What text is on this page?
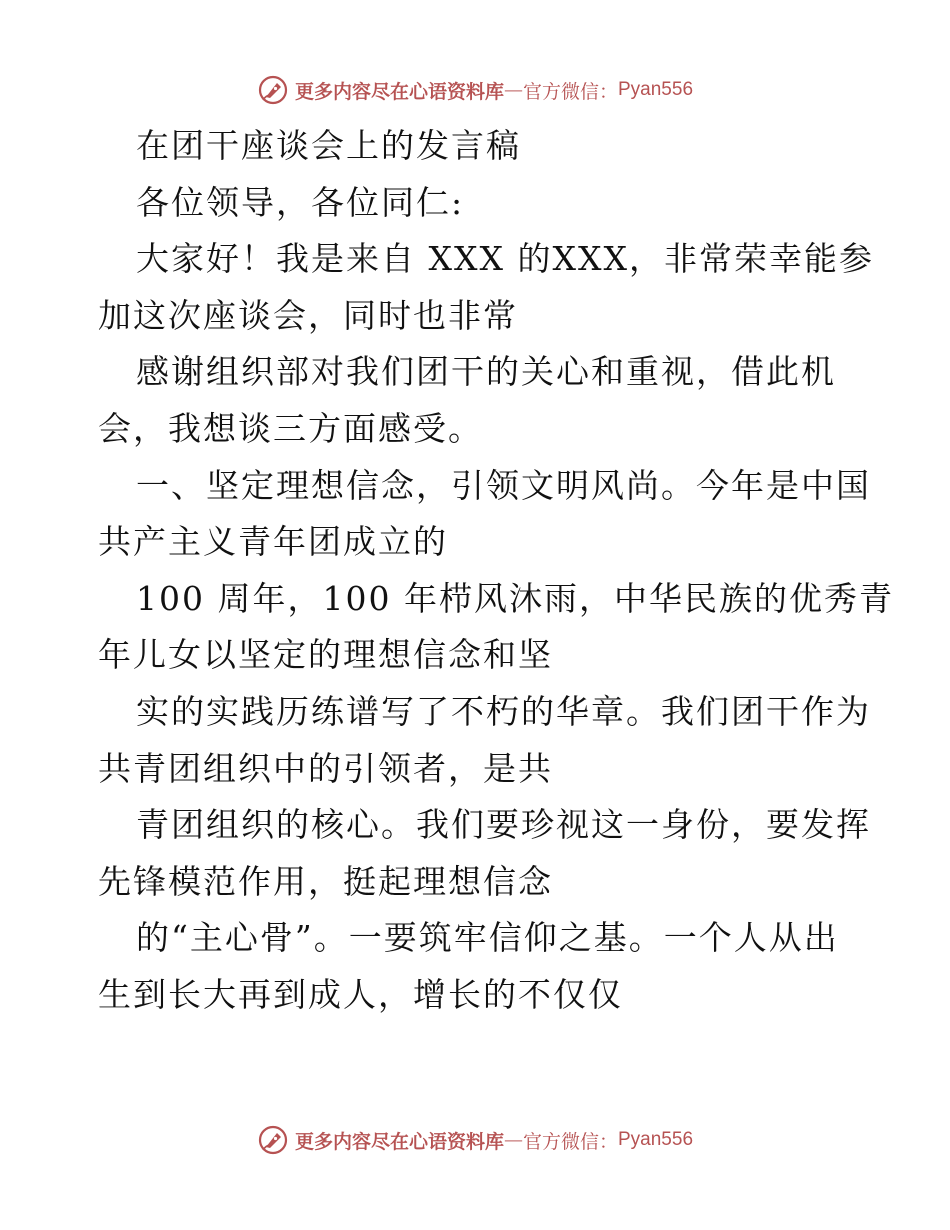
更多内容尽在心语资料库 — 官方微信： Pyan556
在团干座谈会上的发言稿
各位领导，各位同仁:
大家好！我是来自 XXX 的XXX，非常荣幸能参
加这次座谈会，同时也非常
感谢组织部对我们团干的关心和重视，借此机
会，我想谈三方面感受。
一、坚定理想信念，引领文明风尚。今年是中国
共产主义青年团成立的
100 周年，100 年栉风沐雨，中华民族的优秀青
年儿女以坚定的理想信念和坚
实的实践历练谱写了不朽的华章。我们团干作为
共青团组织中的引领者，是共
青团组织的核心。我们要珍视这一身份，要发挥
先锋模范作用，挺起理想信念
的“主心骨”。一要筑牢信仰之基。一个人从出
生到长大再到成人，增长的不仅仅
更多内容尽在心语资料库 — 官方微信： Pyan556
